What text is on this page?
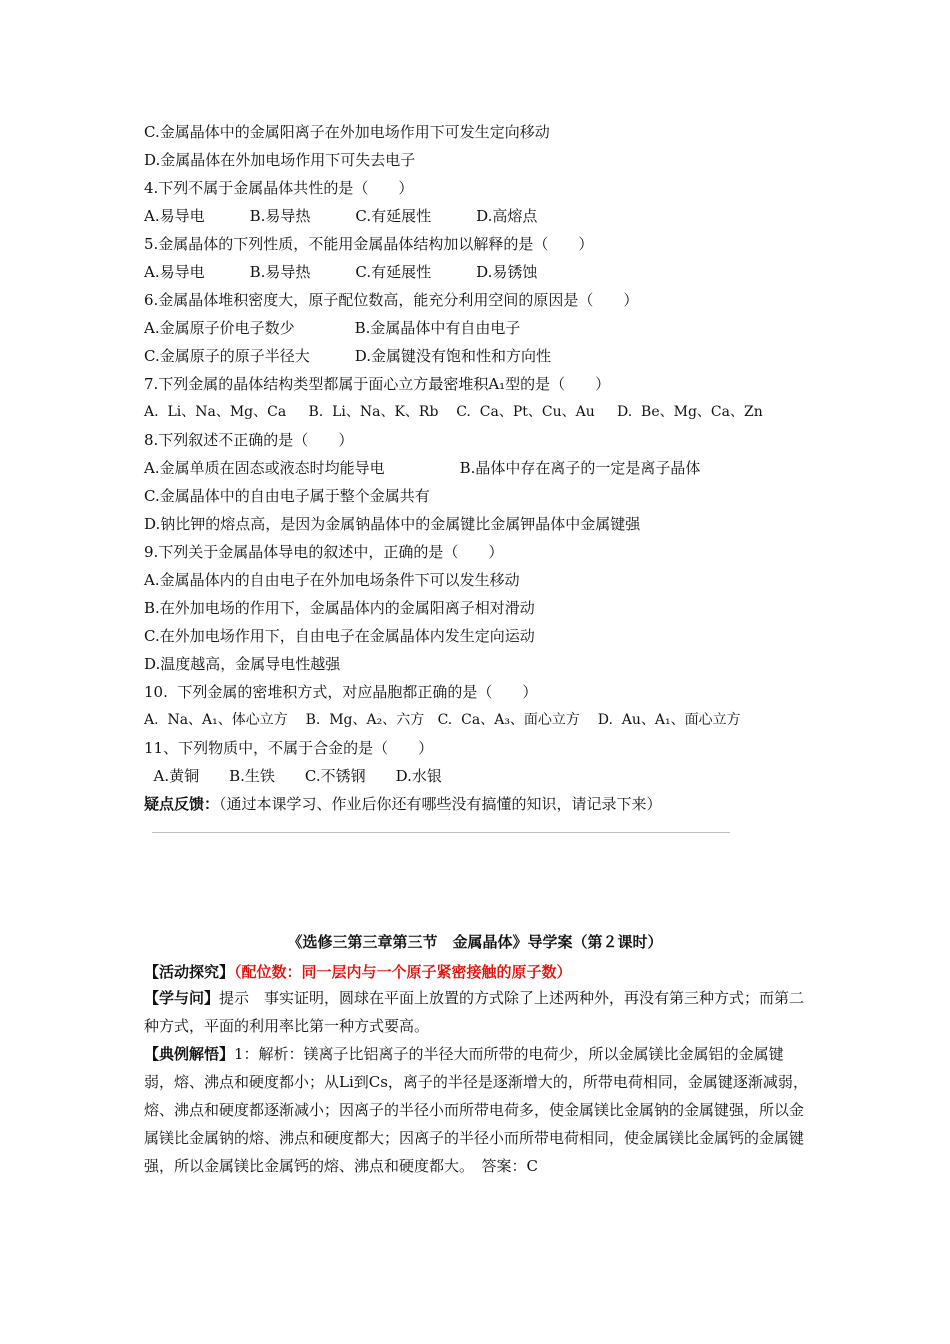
C.金属晶体中的金属阳离子在外加电场作用下可发生定向移动
D.金属晶体在外加电场作用下可失去电子
4.下列不属于金属晶体共性的是（　　）
A.易导电　　　B.易导热　　　C.有延展性　　　D.高熔点
5.金属晶体的下列性质，不能用金属晶体结构加以解释的是（　　）
A.易导电　　　B.易导热　　　C.有延展性　　　D.易锈蚀
6.金属晶体堆积密度大，原子配位数高，能充分利用空间的原因是（　　）
A.金属原子价电子数少　　　　B.金属晶体中有自由电子
C.金属原子的原子半径大　　　D.金属键没有饱和性和方向性
7.下列金属的晶体结构类型都属于面心立方最密堆积A₁型的是（　　）
A.  Li、Na、Mg、Ca     B.  Li、Na、K、Rb    C.  Ca、Pt、Cu、Au     D.  Be、Mg、Ca、Zn
8.下列叙述不正确的是（　　）
A.金属单质在固态或液态时均能导电　　　　　B.晶体中存在离子的一定是离子晶体
C.金属晶体中的自由电子属于整个金属共有
D.钠比钾的熔点高，是因为金属钠晶体中的金属键比金属钾晶体中金属键强
9.下列关于金属晶体导电的叙述中，正确的是（　　）
A.金属晶体内的自由电子在外加电场条件下可以发生移动
B.在外加电场的作用下，金属晶体内的金属阳离子相对滑动
C.在外加电场作用下，自由电子在金属晶体内发生定向运动
D.温度越高，金属导电性越强
10.  下列金属的密堆积方式，对应晶胞都正确的是（　　）
A.  Na、A₁、体心立方    B.  Mg、A₂、六方   C.  Ca、A₃、面心立方    D.  Au、A₁、面心立方
11、下列物质中，不属于合金的是（　　）
A.黄铜　　B.生铁　　C.不锈钢　　D.水银
疑点反馈：（通过本课学习、作业后你还有哪些没有搞懂的知识，请记录下来）
《选修三第三章第三节　金属晶体》导学案（第２课时）
【活动探究】（配位数：同一层内与一个原子紧密接触的原子数）
【学与问】提示　事实证明，圆球在平面上放置的方式除了上述两种外，再没有第三种方式；而第二种方式，平面的利用率比第一种方式要高。
【典例解悟】1：解析：镁离子比铝离子的半径大而所带的电荷少，所以金属镁比金属铝的金属键弱，熔、沸点和硬度都小；从Li到Cs，离子的半径是逐渐增大的，所带电荷相同，金属键逐渐减弱，熔、沸点和硬度都逐渐减小；因离子的半径小而所带电荷多，使金属镁比金属钠的金属键强，所以金属镁比金属钠的熔、沸点和硬度都大；因离子的半径小而所带电荷相同，使金属镁比金属钙的金属键强，所以金属镁比金属钙的熔、沸点和硬度都大。　答案：C
